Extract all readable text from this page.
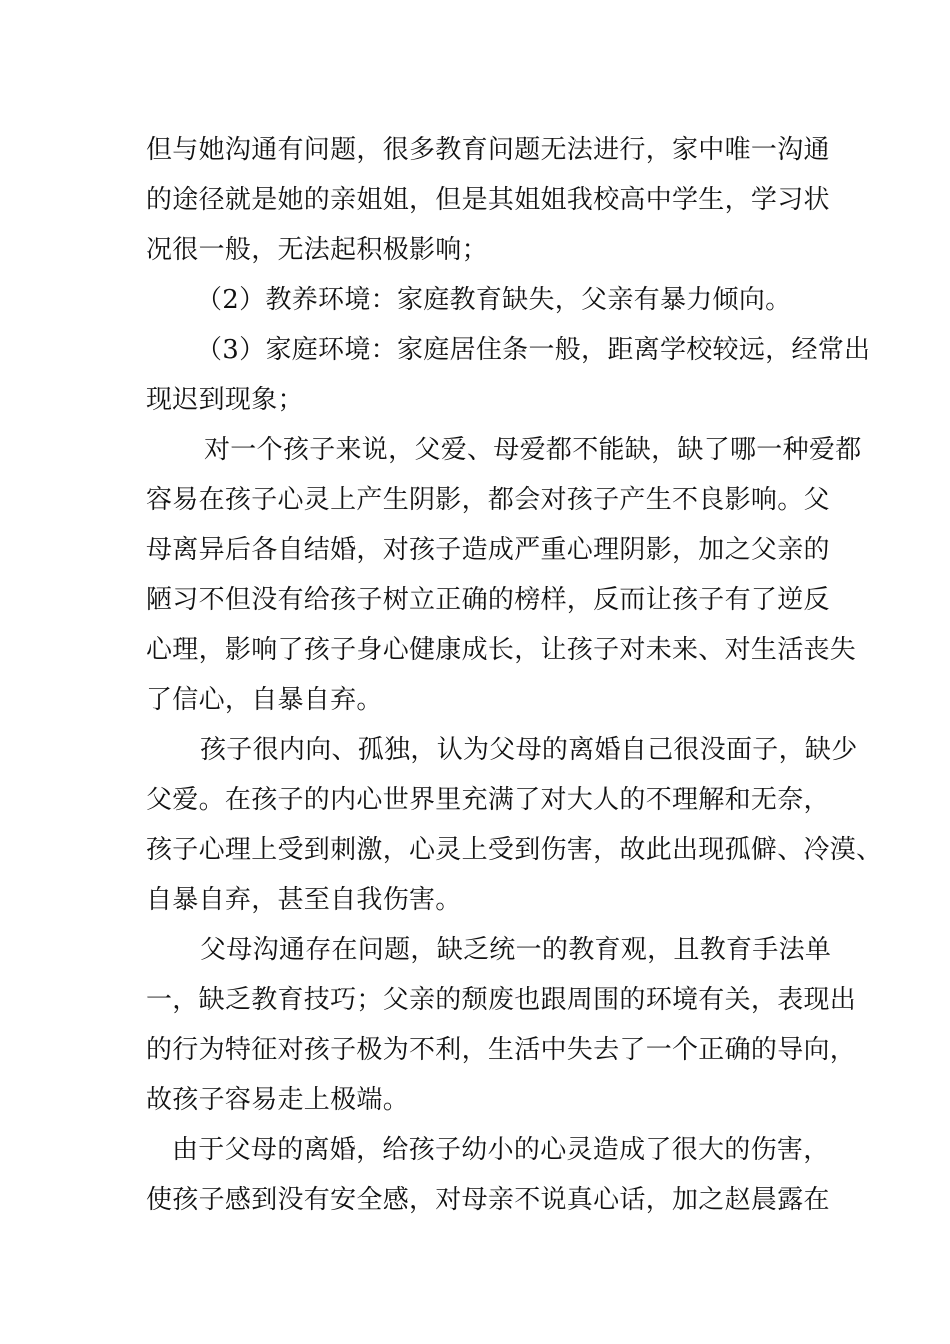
但与她沟通有问题，很多教育问题无法进行，家中唯一沟通
的途径就是她的亲姐姐，但是其姐姐我校高中学生，学习状
况很一般，无法起积极影响；
（2）教养环境：家庭教育缺失，父亲有暴力倾向。
（3）家庭环境：家庭居住条一般，距离学校较远，经常出
现迟到现象；
对一个孩子来说，父爱、母爱都不能缺，缺了哪一种爱都
容易在孩子心灵上产生阴影，都会对孩子产生不良影响。父
母离异后各自结婚，对孩子造成严重心理阴影，加之父亲的
陋习不但没有给孩子树立正确的榜样，反而让孩子有了逆反
心理，影响了孩子身心健康成长，让孩子对未来、对生活丧失
了信心，自暴自弃。
孩子很内向、孤独，认为父母的离婚自己很没面子，缺少
父爱。在孩子的内心世界里充满了对大人的不理解和无奈，
孩子心理上受到刺激，心灵上受到伤害，故此出现孤僻、冷漠、
自暴自弃，甚至自我伤害。
父母沟通存在问题，缺乏统一的教育观，且教育手法单
一，缺乏教育技巧；父亲的颓废也跟周围的环境有关，表现出
的行为特征对孩子极为不利，生活中失去了一个正确的导向，
故孩子容易走上极端。
由于父母的离婚，给孩子幼小的心灵造成了很大的伤害，
使孩子感到没有安全感，对母亲不说真心话，加之赵晨露在
